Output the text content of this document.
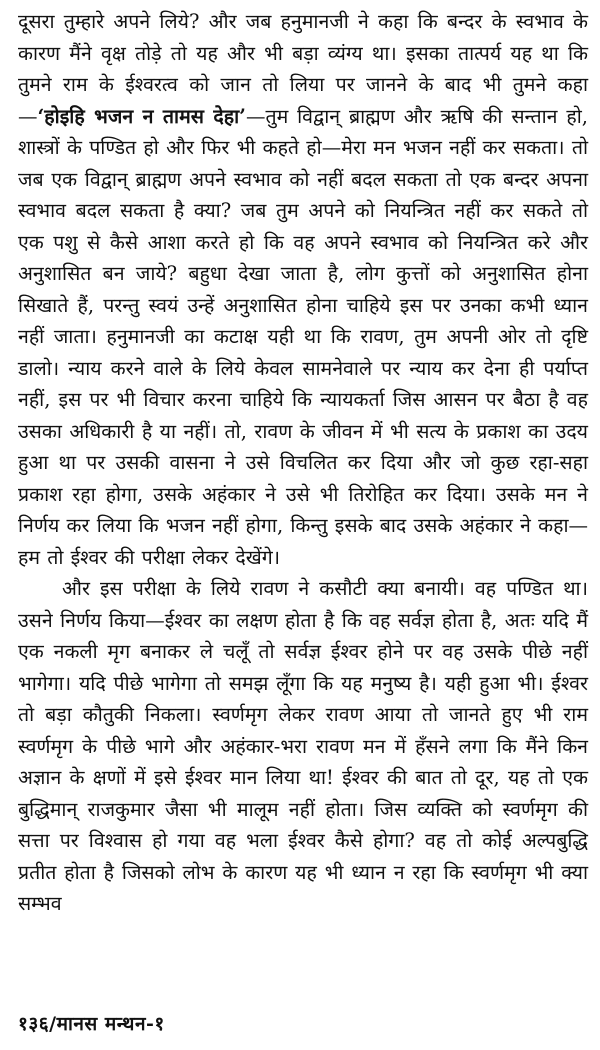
दूसरा तुम्हारे अपने लिये? और जब हनुमानजी ने कहा कि बन्दर के स्वभाव के कारण मैंने वृक्ष तोड़े तो यह और भी बड़ा व्यंग्य था। इसका तात्पर्य यह था कि तुमने राम के ईश्वरत्व को जान तो लिया पर जानने के बाद भी तुमने कहा—‘होइहि भजन न तामस देहा’—तुम विद्वान् ब्राह्मण और ऋषि की सन्तान हो, शास्त्रों के पण्डित हो और फिर भी कहते हो—मेरा मन भजन नहीं कर सकता। तो जब एक विद्वान् ब्राह्मण अपने स्वभाव को नहीं बदल सकता तो एक बन्दर अपना स्वभाव बदल सकता है क्या? जब तुम अपने को नियन्त्रित नहीं कर सकते तो एक पशु से कैसे आशा करते हो कि वह अपने स्वभाव को नियन्त्रित करे और अनुशासित बन जाये? बहुधा देखा जाता है, लोग कुत्तों को अनुशासित होना सिखाते हैं, परन्तु स्वयं उन्हें अनुशासित होना चाहिये इस पर उनका कभी ध्यान नहीं जाता। हनुमानजी का कटाक्ष यही था कि रावण, तुम अपनी ओर तो दृष्टि डालो। न्याय करने वाले के लिये केवल सामनेवाले पर न्याय कर देना ही पर्याप्त नहीं, इस पर भी विचार करना चाहिये कि न्यायकर्ता जिस आसन पर बैठा है वह उसका अधिकारी है या नहीं। तो, रावण के जीवन में भी सत्य के प्रकाश का उदय हुआ था पर उसकी वासना ने उसे विचलित कर दिया और जो कुछ रहा-सहा प्रकाश रहा होगा, उसके अहंकार ने उसे भी तिरोहित कर दिया। उसके मन ने निर्णय कर लिया कि भजन नहीं होगा, किन्तु इसके बाद उसके अहंकार ने कहा—हम तो ईश्वर की परीक्षा लेकर देखेंगे।

और इस परीक्षा के लिये रावण ने कसौटी क्या बनायी। वह पण्डित था। उसने निर्णय किया—ईश्वर का लक्षण होता है कि वह सर्वज्ञ होता है, अतः यदि मैं एक नकली मृग बनाकर ले चलूँ तो सर्वज्ञ ईश्वर होने पर वह उसके पीछे नहीं भागेगा। यदि पीछे भागेगा तो समझ लूँगा कि यह मनुष्य है। यही हुआ भी। ईश्वर तो बड़ा कौतुकी निकला। स्वर्णमृग लेकर रावण आया तो जानते हुए भी राम स्वर्णमृग के पीछे भागे और अहंकार-भरा रावण मन में हँसने लगा कि मैंने किन अज्ञान के क्षणों में इसे ईश्वर मान लिया था! ईश्वर की बात तो दूर, यह तो एक बुद्धिमान् राजकुमार जैसा भी मालूम नहीं होता। जिस व्यक्ति को स्वर्णमृग की सत्ता पर विश्वास हो गया वह भला ईश्वर कैसे होगा? वह तो कोई अल्पबुद्धि प्रतीत होता है जिसको लोभ के कारण यह भी ध्यान न रहा कि स्वर्णमृग भी क्या सम्भव

१३६/मानस मन्थन-१
